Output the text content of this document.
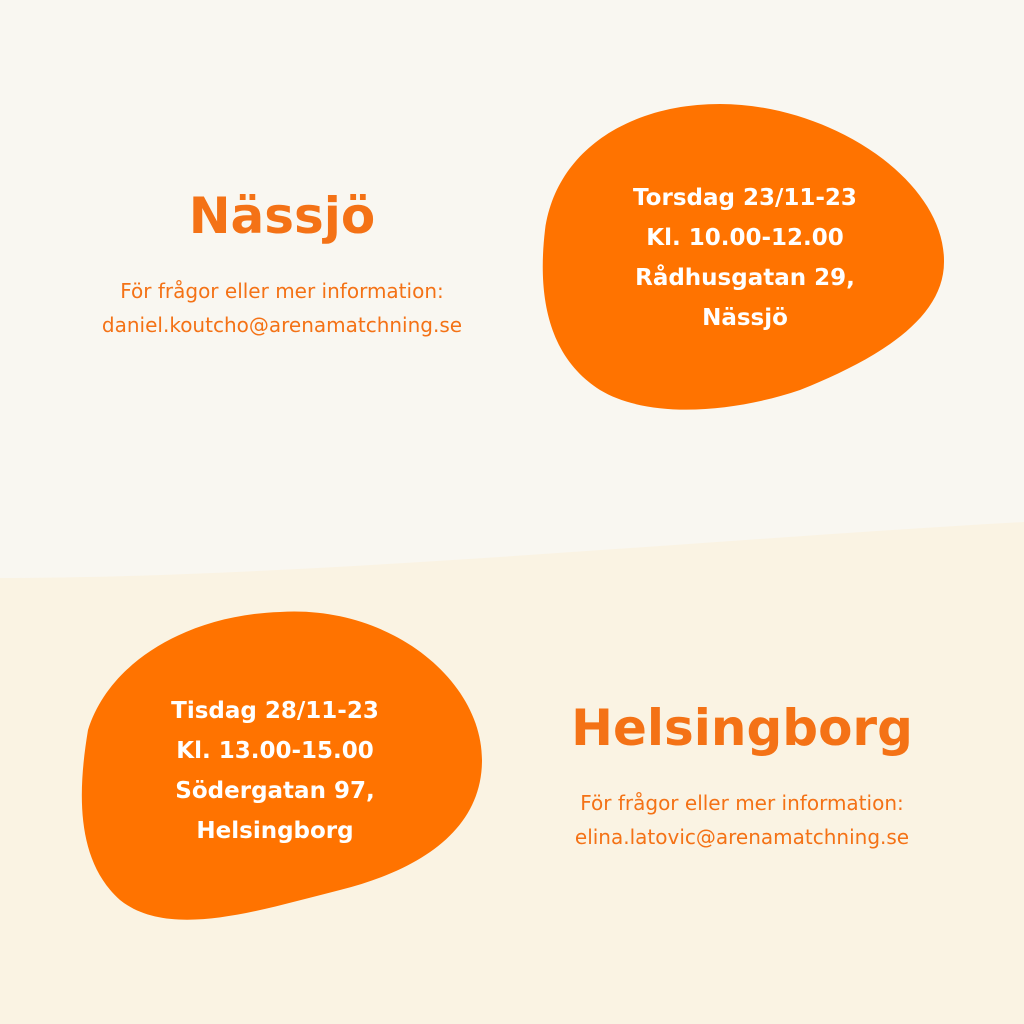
Nässjö
För frågor eller mer information:
daniel.koutcho@arenamatchning.se
Torsdag 23/11-23
Kl. 10.00-12.00
Rådhusgatan 29,
Nässjö
Tisdag 28/11-23
Kl. 13.00-15.00
Södergatan 97,
Helsingborg
Helsingborg
För frågor eller mer information:
elina.latovic@arenamatchning.se
